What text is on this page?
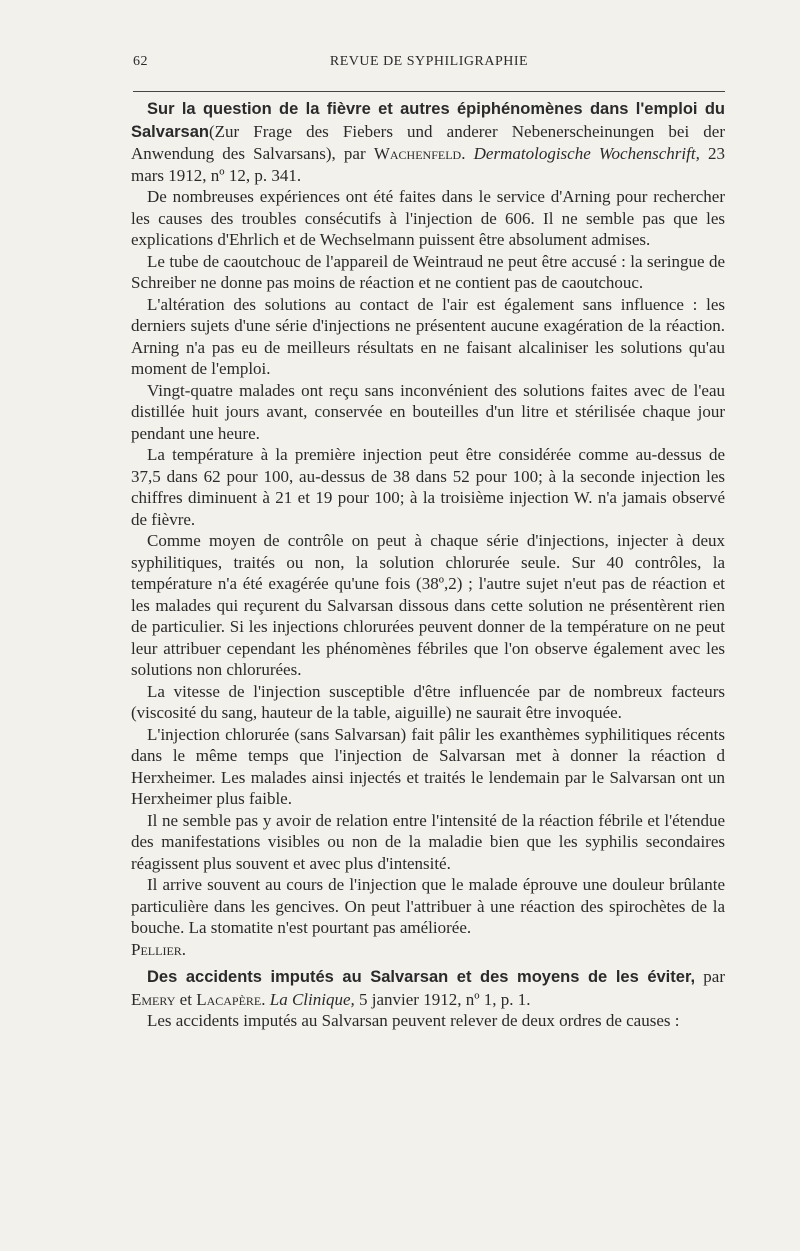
62	REVUE DE SYPHILIGRAPHIE

Sur la question de la fièvre et autres épiphénomènes dans l'emploi du Salvarsan(Zur Frage des Fiebers und anderer Nebenerscheinungen bei der Anwendung des Salvarsans), par Wachenfeld. Dermatologische Wochenschrift, 23 mars 1912, nº 12, p. 341.

De nombreuses expériences ont été faites dans le service d'Arning pour rechercher les causes des troubles consécutifs à l'injection de 606. Il ne semble pas que les explications d'Ehrlich et de Wechselmann puissent être absolument admises.

Le tube de caoutchouc de l'appareil de Weintraud ne peut être accusé : la seringue de Schreiber ne donne pas moins de réaction et ne contient pas de caoutchouc.

L'altération des solutions au contact de l'air est également sans influence : les derniers sujets d'une série d'injections ne présentent aucune exagération de la réaction. Arning n'a pas eu de meilleurs résultats en ne faisant alcaliniser les solutions qu'au moment de l'emploi.

Vingt-quatre malades ont reçu sans inconvénient des solutions faites avec de l'eau distillée huit jours avant, conservée en bouteilles d'un litre et stérilisée chaque jour pendant une heure.

La température à la première injection peut être considérée comme au-dessus de 37,5 dans 62 pour 100, au-dessus de 38 dans 52 pour 100; à la seconde injection les chiffres diminuent à 21 et 19 pour 100; à la troisième injection W. n'a jamais observé de fièvre.

Comme moyen de contrôle on peut à chaque série d'injections, injecter à deux syphilitiques, traités ou non, la solution chlorurée seule. Sur 40 contrôles, la température n'a été exagérée qu'une fois (38º,2) ; l'autre sujet n'eut pas de réaction et les malades qui reçurent du Salvarsan dissous dans cette solution ne présentèrent rien de particulier. Si les injections chlorurées peuvent donner de la température on ne peut leur attribuer cependant les phénomènes fébriles que l'on observe également avec les solutions non chlorurées.

La vitesse de l'injection susceptible d'être influencée par de nombreux facteurs (viscosité du sang, hauteur de la table, aiguille) ne saurait être invoquée.

L'injection chlorurée (sans Salvarsan) fait pâlir les exanthèmes syphilitiques récents dans le même temps que l'injection de Salvarsan met à donner la réaction d Herxheimer. Les malades ainsi injectés et traités le lendemain par le Salvarsan ont un Herxheimer plus faible.

Il ne semble pas y avoir de relation entre l'intensité de la réaction fébrile et l'étendue des manifestations visibles ou non de la maladie bien que les syphilis secondaires réagissent plus souvent et avec plus d'intensité.

Il arrive souvent au cours de l'injection que le malade éprouve une douleur brûlante particulière dans les gencives. On peut l'attribuer à une réaction des spirochètes de la bouche. La stomatite n'est pourtant pas améliorée.

Pellier.

Des accidents imputés au Salvarsan et des moyens de les éviter, par Emery et Lacapère. La Clinique, 5 janvier 1912, nº 1, p. 1.

Les accidents imputés au Salvarsan peuvent relever de deux ordres de causes :
